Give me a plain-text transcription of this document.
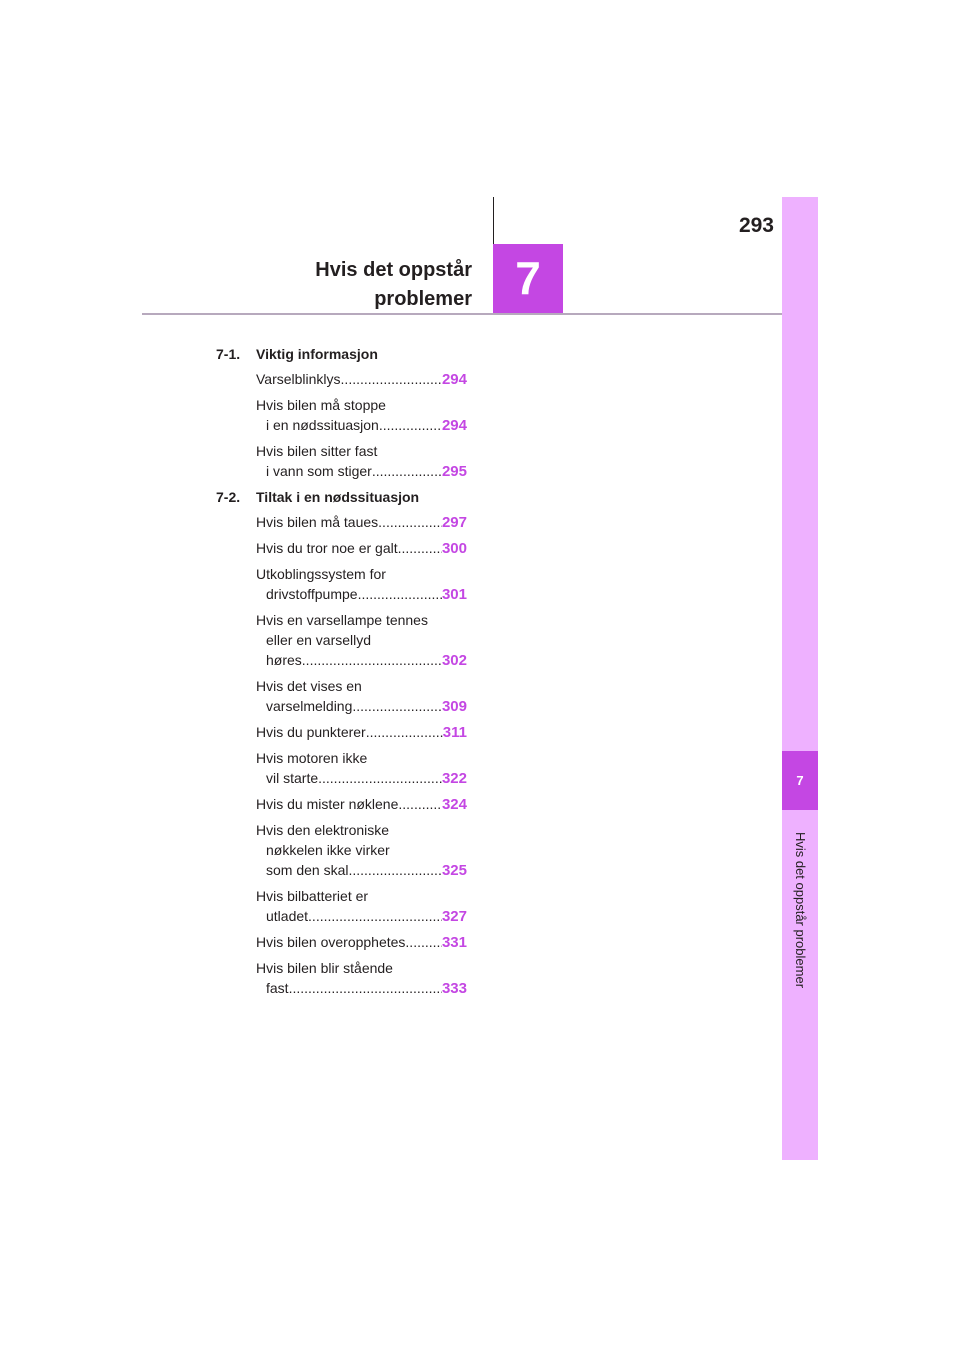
293
Hvis det oppstår
problemer 7
7
Hvis det oppstår problemer
7-1. Viktig informasjon
Varselblinklys .....	294
Hvis bilen må stoppe
i en nødssituasjon .....	294
Hvis bilen sitter fast
i vann som stiger .....	295
7-2. Tiltak i en nødssituasjon
Hvis bilen må taues .....	297
Hvis du tror noe er galt .....	300
Utkoblingssystem for
drivstoffpumpe .....	301
Hvis en varsellampe tennes
eller en varsellyd
høres .....	302
Hvis det vises en
varselmelding .....	309
Hvis du punkterer .....	311
Hvis motoren ikke
vil starte .....	322
Hvis du mister nøklene .....	324
Hvis den elektroniske
nøkkelen ikke virker
som den skal .....	325
Hvis bilbatteriet er
utladet .....	327
Hvis bilen overopphetes ..... 331
Hvis bilen blir stående
fast .....	333
